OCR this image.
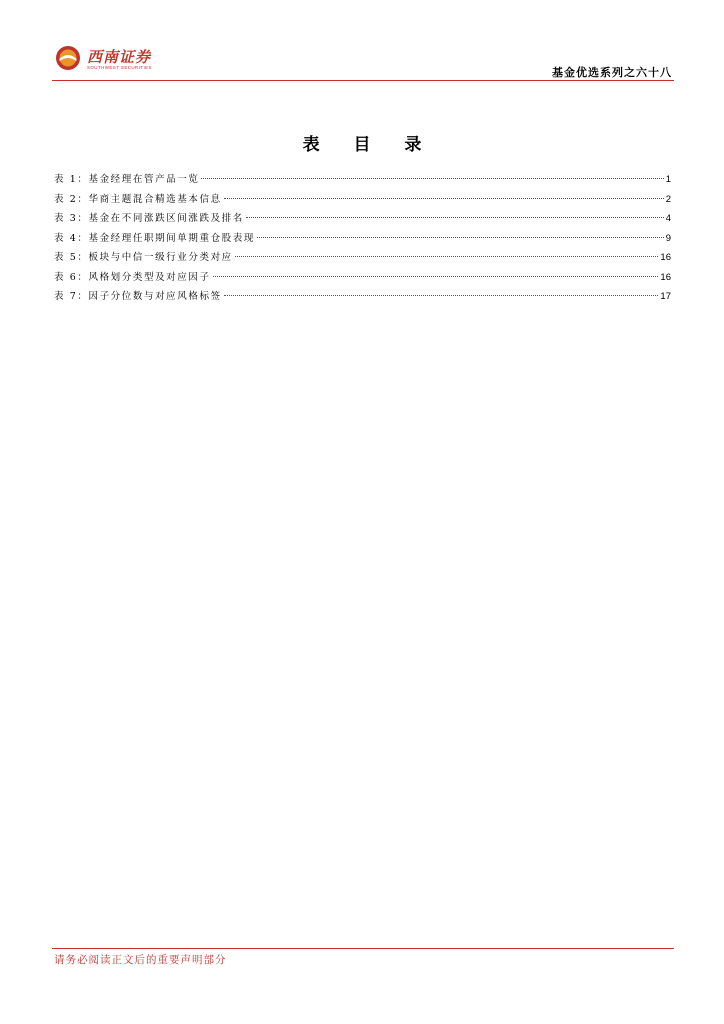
西南证券
SOUTHWEST SECURITIES	基金优选系列之六十八
表 目 录
表 1：基金经理在管产品一览	1
表 2：华商主题混合精选基本信息	2
表 3：基金在不同涨跌区间涨跌及排名	4
表 4：基金经理任职期间单期重仓股表现	9
表 5：板块与中信一级行业分类对应	16
表 6：风格划分类型及对应因子	16
表 7：因子分位数与对应风格标签	17
请务必阅读正文后的重要声明部分
